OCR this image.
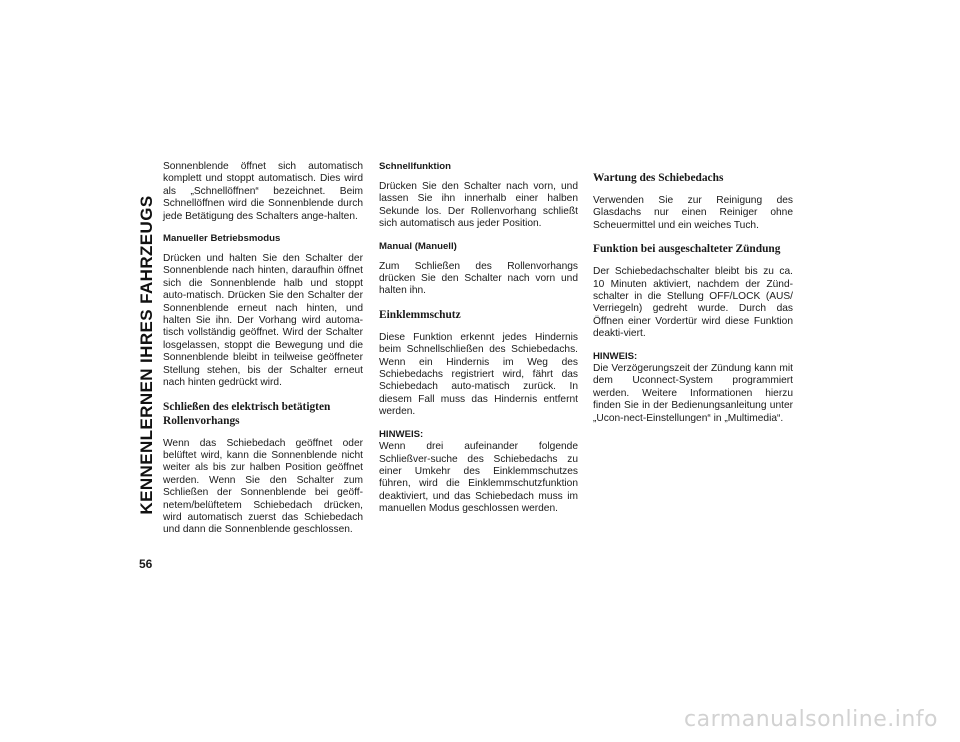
KENNENLERNEN IHRES FAHRZEUGS
56

Sonnenblende öffnet sich automatisch komplett und stoppt automatisch. Dies wird als „Schnellöffnen“ bezeichnet. Beim Schnellöffnen wird die Sonnenblende durch jede Betätigung des Schalters ange-halten.

Manueller Betriebsmodus

Drücken und halten Sie den Schalter der Sonnenblende nach hinten, daraufhin öffnet sich die Sonnenblende halb und stoppt auto-matisch. Drücken Sie den Schalter der Sonnenblende erneut nach hinten, und halten Sie ihn. Der Vorhang wird automa-tisch vollständig geöffnet. Wird der Schalter losgelassen, stoppt die Bewegung und die Sonnenblende bleibt in teilweise geöffneter Stellung stehen, bis der Schalter erneut nach hinten gedrückt wird.

Schließen des elektrisch betätigten Rollenvorhangs

Wenn das Schiebedach geöffnet oder belüftet wird, kann die Sonnenblende nicht weiter als bis zur halben Position geöffnet werden. Wenn Sie den Schalter zum Schließen der Sonnenblende bei geöff-netem/belüftetem Schiebedach drücken, wird automatisch zuerst das Schiebedach und dann die Sonnenblende geschlossen.

Schnellfunktion

Drücken Sie den Schalter nach vorn, und lassen Sie ihn innerhalb einer halben Sekunde los. Der Rollenvorhang schließt sich automatisch aus jeder Position.

Manual (Manuell)

Zum Schließen des Rollenvorhangs drücken Sie den Schalter nach vorn und halten ihn.

Einklemmschutz

Diese Funktion erkennt jedes Hindernis beim Schnellschließen des Schiebedachs. Wenn ein Hindernis im Weg des Schiebedachs registriert wird, fährt das Schiebedach auto-matisch zurück. In diesem Fall muss das Hindernis entfernt werden.

HINWEIS:

Wenn drei aufeinander folgende Schließver-suche des Schiebedachs zu einer Umkehr des Einklemmschutzes führen, wird die Einklemmschutzfunktion deaktiviert, und das Schiebedach muss im manuellen Modus geschlossen werden.

Wartung des Schiebedachs

Verwenden Sie zur Reinigung des Glasdachs nur einen Reiniger ohne Scheuermittel und ein weiches Tuch.

Funktion bei ausgeschalteter Zündung

Der Schiebedachschalter bleibt bis zu ca. 10 Minuten aktiviert, nachdem der Zünd-schalter in die Stellung OFF/LOCK (AUS/ Verriegeln) gedreht wurde. Durch das Öffnen einer Vordertür wird diese Funktion deakti-viert.

HINWEIS:

Die Verzögerungszeit der Zündung kann mit dem Uconnect-System programmiert werden. Weitere Informationen hierzu finden Sie in der Bedienungsanleitung unter „Ucon-nect-Einstellungen“ in „Multimedia“.

carmanualsonline.info
